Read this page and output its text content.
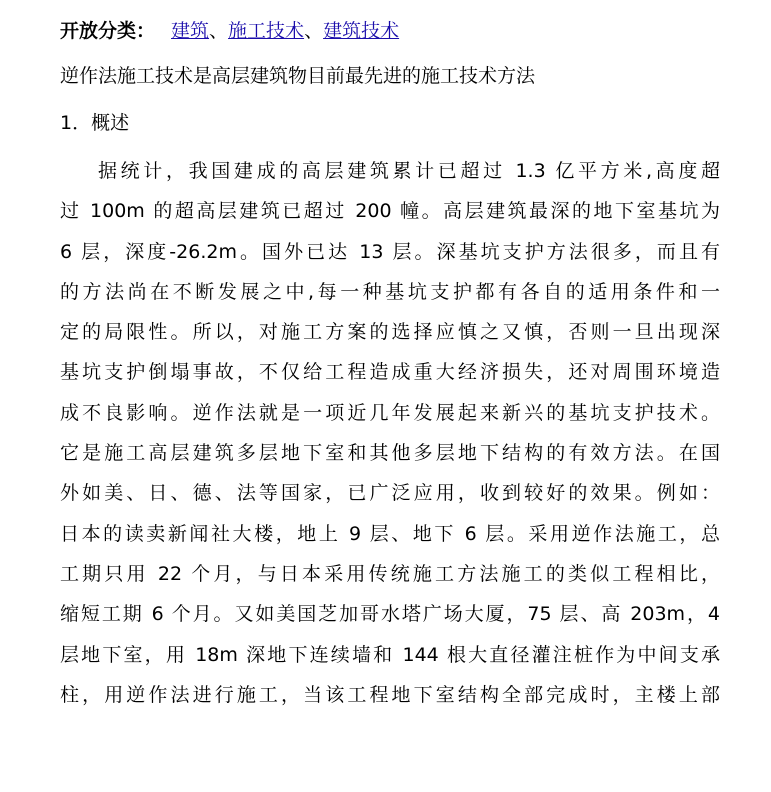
开放分类： 建筑、施工技术、建筑技术
逆作法施工技术是高层建筑物目前最先进的施工技术方法
1．概述
据统计，我国建成的高层建筑累计已超过 1.3 亿平方米,高度超
过 100m 的超高层建筑已超过 200 幢。高层建筑最深的地下室基坑为
6 层，深度-26.2m。国外已达 13 层。深基坑支护方法很多，而且有
的方法尚在不断发展之中,每一种基坑支护都有各自的适用条件和一
定的局限性。所以，对施工方案的选择应慎之又慎，否则一旦出现深
基坑支护倒塌事故，不仅给工程造成重大经济损失，还对周围环境造
成不良影响。逆作法就是一项近几年发展起来新兴的基坑支护技术。
它是施工高层建筑多层地下室和其他多层地下结构的有效方法。在国
外如美、日、德、法等国家，已广泛应用，收到较好的效果。例如：
日本的读卖新闻社大楼，地上 9 层、地下 6 层。采用逆作法施工，总
工期只用 22 个月，与日本采用传统施工方法施工的类似工程相比，
缩短工期 6 个月。又如美国芝加哥水塔广场大厦，75 层、高 203m，4
层地下室，用 18m 深地下连续墙和 144 根大直径灌注桩作为中间支承
柱，用逆作法进行施工，当该工程地下室结构全部完成时，主楼上部
